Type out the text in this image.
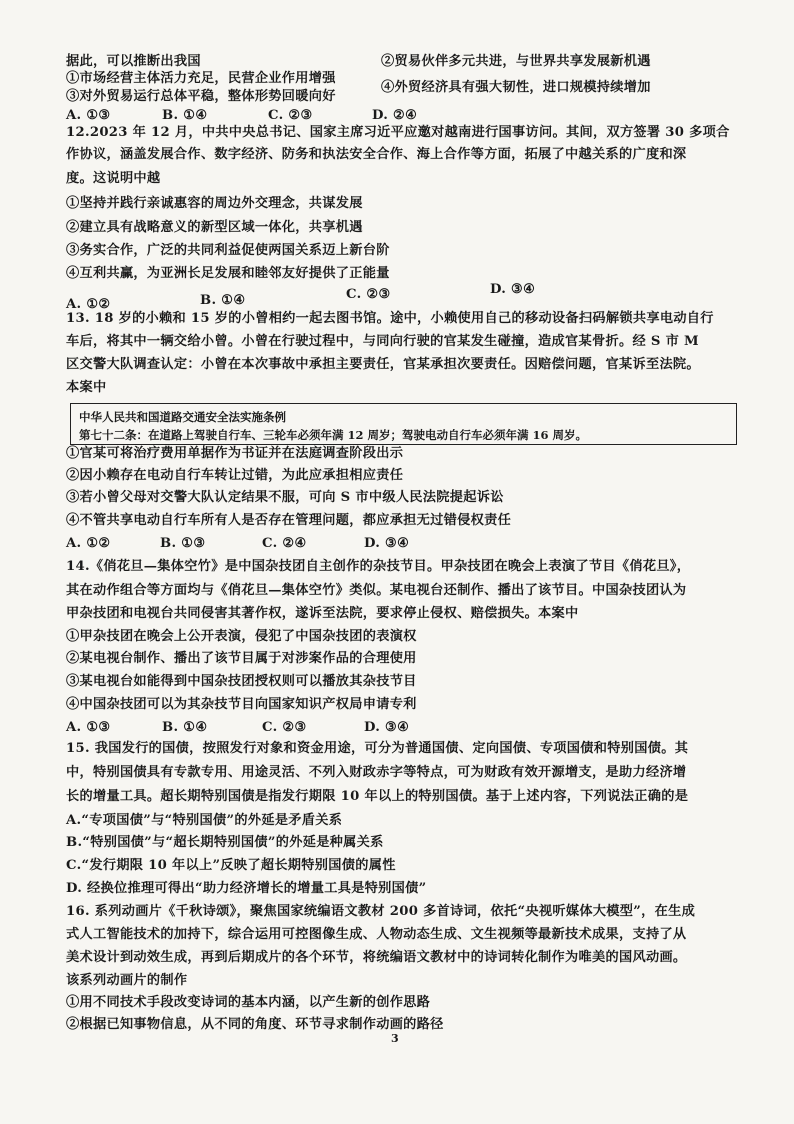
据此，可以推断出我国
①市场经营主体活力充足，民营企业作用增强
②贸易伙伴多元共进，与世界共享发展新机遇
③对外贸易运行总体平稳，整体形势回暖向好
④外贸经济具有强大韧性，进口规模持续增加
A. ①③	B. ①④	C. ②③	D. ②④
12.2023 年 12 月，中共中央总书记、国家主席习近平应邀对越南进行国事访问。其间，双方签署 30 多项合
作协议，涵盖发展合作、数字经济、防务和执法安全合作、海上合作等方面，拓展了中越关系的广度和深
度。这说明中越
①坚持并践行亲诚惠容的周边外交理念，共谋发展
②建立具有战略意义的新型区域一体化，共享机遇
③务实合作，广泛的共同利益促使两国关系迈上新台阶
④互利共赢，为亚洲长足发展和睦邻友好提供了正能量
A. ①②	B. ①④	C. ②③	D. ③④
13. 18 岁的小赖和 15 岁的小曾相约一起去图书馆。途中，小赖使用自己的移动设备扫码解锁共享电动自行
车后，将其中一辆交给小曾。小曾在行驶过程中，与同向行驶的官某发生碰撞，造成官某骨折。经 S 市 M
区交警大队调查认定：小曾在本次事故中承担主要责任，官某承担次要责任。因赔偿问题，官某诉至法院。
本案中
中华人民共和国道路交通安全法实施条例
第七十二条：在道路上驾驶自行车、三轮车必须年满 12 周岁；驾驶电动自行车必须年满 16 周岁。
①官某可将治疗费用单据作为书证并在法庭调查阶段出示
②因小赖存在电动自行车转让过错，为此应承担相应责任
③若小曾父母对交警大队认定结果不服，可向 S 市中级人民法院提起诉讼
④不管共享电动自行车所有人是否存在管理问题，都应承担无过错侵权责任
A. ①②	B. ①③	C. ②④	D. ③④
14.《俏花旦—集体空竹》是中国杂技团自主创作的杂技节目。甲杂技团在晚会上表演了节目《俏花旦》，
其在动作组合等方面均与《俏花旦—集体空竹》类似。某电视台还制作、播出了该节目。中国杂技团认为
甲杂技团和电视台共同侵害其著作权，遂诉至法院，要求停止侵权、赔偿损失。本案中
①甲杂技团在晚会上公开表演，侵犯了中国杂技团的表演权
②某电视台制作、播出了该节目属于对涉案作品的合理使用
③某电视台如能得到中国杂技团授权则可以播放其杂技节目
④中国杂技团可以为其杂技节目向国家知识产权局申请专利
A. ①③	B. ①④	C. ②③	D. ③④
15. 我国发行的国债，按照发行对象和资金用途，可分为普通国债、定向国债、专项国债和特别国债。其
中，特别国债具有专款专用、用途灵活、不列入财政赤字等特点，可为财政有效开源增支，是助力经济增
长的增量工具。超长期特别国债是指发行期限 10 年以上的特别国债。基于上述内容，下列说法正确的是
A.“专项国债”与“特别国债”的外延是矛盾关系
B.“特别国债”与“超长期特别国债”的外延是种属关系
C.“发行期限 10 年以上”反映了超长期特别国债的属性
D. 经换位推理可得出“助力经济增长的增量工具是特别国债”
16. 系列动画片《千秋诗颂》，聚焦国家统编语文教材 200 多首诗词，依托“央视听媒体大模型”，在生成
式人工智能技术的加持下，综合运用可控图像生成、人物动态生成、文生视频等最新技术成果，支持了从
美术设计到动效生成，再到后期成片的各个环节，将统编语文教材中的诗词转化制作为唯美的国风动画。
该系列动画片的制作
①用不同技术手段改变诗词的基本内涵，以产生新的创作思路
②根据已知事物信息，从不同的角度、环节寻求制作动画的路径
3
